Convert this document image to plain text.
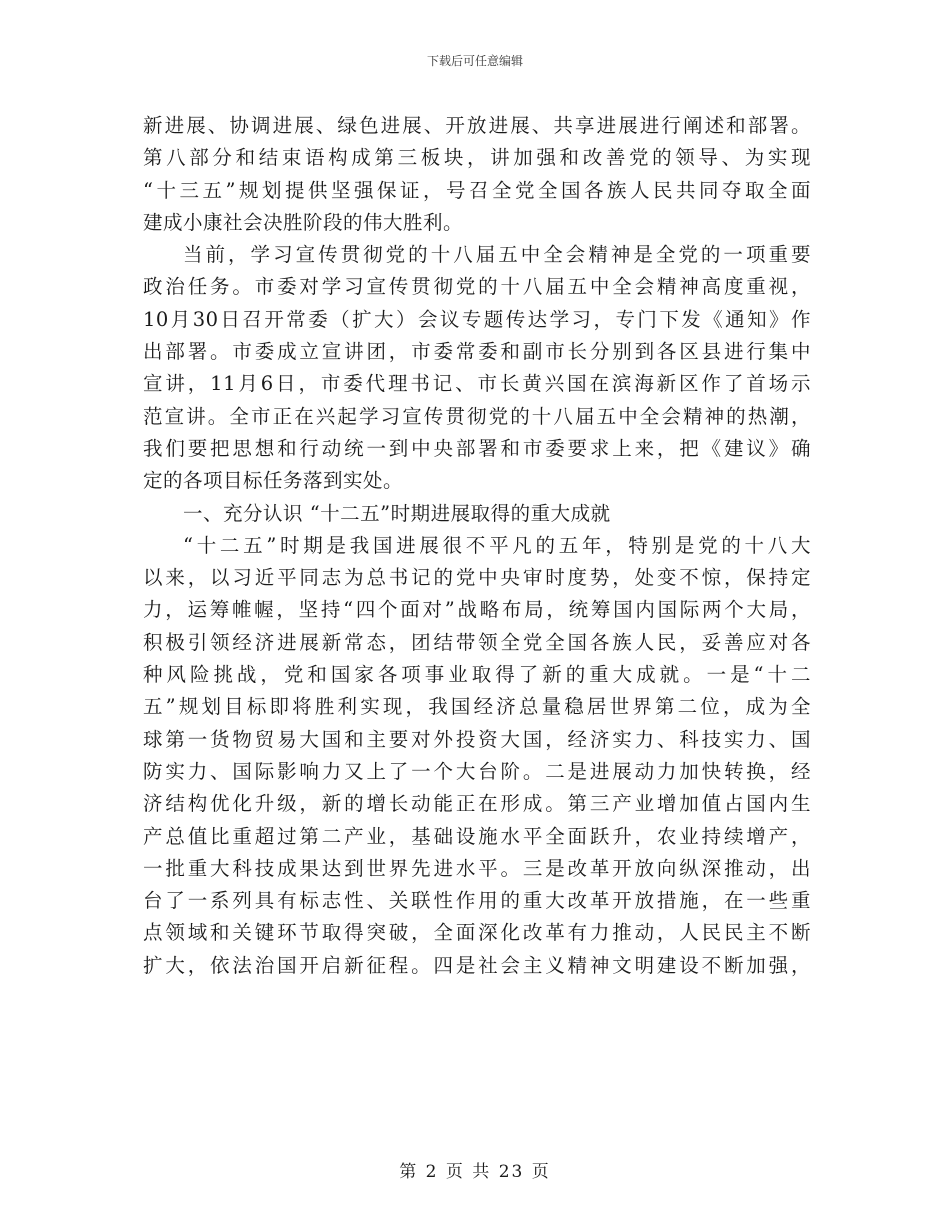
下载后可任意编辑
新进展、协调进展、绿色进展、开放进展、共享进展进行阐述和部署。
第八部分和结束语构成第三板块，讲加强和改善党的领导、为实现
“十三五”规划提供坚强保证，号召全党全国各族人民共同夺取全面
建成小康社会决胜阶段的伟大胜利。
当前，学习宣传贯彻党的十八届五中全会精神是全党的一项重要
政治任务。市委对学习宣传贯彻党的十八届五中全会精神高度重视，
10月30日召开常委（扩大）会议专题传达学习，专门下发《通知》作
出部署。市委成立宣讲团，市委常委和副市长分别到各区县进行集中
宣讲，11月6日，市委代理书记、市长黄兴国在滨海新区作了首场示
范宣讲。全市正在兴起学习宣传贯彻党的十八届五中全会精神的热潮，
我们要把思想和行动统一到中央部署和市委要求上来，把《建议》确
定的各项目标任务落到实处。
一、充分认识 “十二五”时期进展取得的重大成就
“十二五”时期是我国进展很不平凡的五年，特别是党的十八大
以来，以习近平同志为总书记的党中央审时度势，处变不惊，保持定
力，运筹帷幄，坚持“四个面对”战略布局，统筹国内国际两个大局，
积极引领经济进展新常态，团结带领全党全国各族人民，妥善应对各
种风险挑战，党和国家各项事业取得了新的重大成就。一是“十二
五”规划目标即将胜利实现，我国经济总量稳居世界第二位，成为全
球第一货物贸易大国和主要对外投资大国，经济实力、科技实力、国
防实力、国际影响力又上了一个大台阶。二是进展动力加快转换，经
济结构优化升级，新的增长动能正在形成。第三产业增加值占国内生
产总值比重超过第二产业，基础设施水平全面跃升，农业持续增产，
一批重大科技成果达到世界先进水平。三是改革开放向纵深推动，出
台了一系列具有标志性、关联性作用的重大改革开放措施，在一些重
点领域和关键环节取得突破，全面深化改革有力推动，人民民主不断
扩大，依法治国开启新征程。四是社会主义精神文明建设不断加强，
第 2 页 共 23 页
